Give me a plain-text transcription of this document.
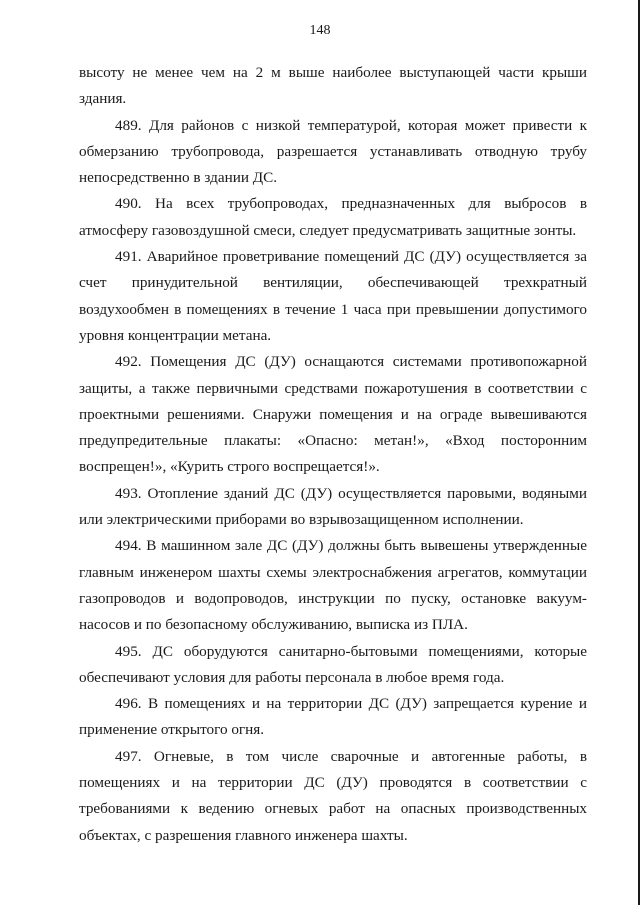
148

высоту не менее чем на 2 м выше наиболее выступающей части крыши здания.

489. Для районов с низкой температурой, которая может привести к обмерзанию трубопровода, разрешается устанавливать отводную трубу непосредственно в здании ДС.

490. На всех трубопроводах, предназначенных для выбросов в атмосферу газовоздушной смеси, следует предусматривать защитные зонты.

491. Аварийное проветривание помещений ДС (ДУ) осуществляется за счет принудительной вентиляции, обеспечивающей трехкратный воздухообмен в помещениях в течение 1 часа при превышении допустимого уровня концентрации метана.

492. Помещения ДС (ДУ) оснащаются системами противопожарной защиты, а также первичными средствами пожаротушения в соответствии с проектными решениями. Снаружи помещения и на ограде вывешиваются предупредительные плакаты: «Опасно: метан!», «Вход посторонним воспрещен!», «Курить строго воспрещается!».

493. Отопление зданий ДС (ДУ) осуществляется паровыми, водяными или электрическими приборами во взрывозащищенном исполнении.

494. В машинном зале ДС (ДУ) должны быть вывешены утвержденные главным инженером шахты схемы электроснабжения агрегатов, коммутации газопроводов и водопроводов, инструкции по пуску, остановке вакуум-насосов и по безопасному обслуживанию, выписка из ПЛА.

495. ДС оборудуются санитарно-бытовыми помещениями, которые обеспечивают условия для работы персонала в любое время года.

496. В помещениях и на территории ДС (ДУ) запрещается курение и применение открытого огня.

497. Огневые, в том числе сварочные и автогенные работы, в помещениях и на территории ДС (ДУ) проводятся в соответствии с требованиями к ведению огневых работ на опасных производственных объектах, с разрешения главного инженера шахты.
